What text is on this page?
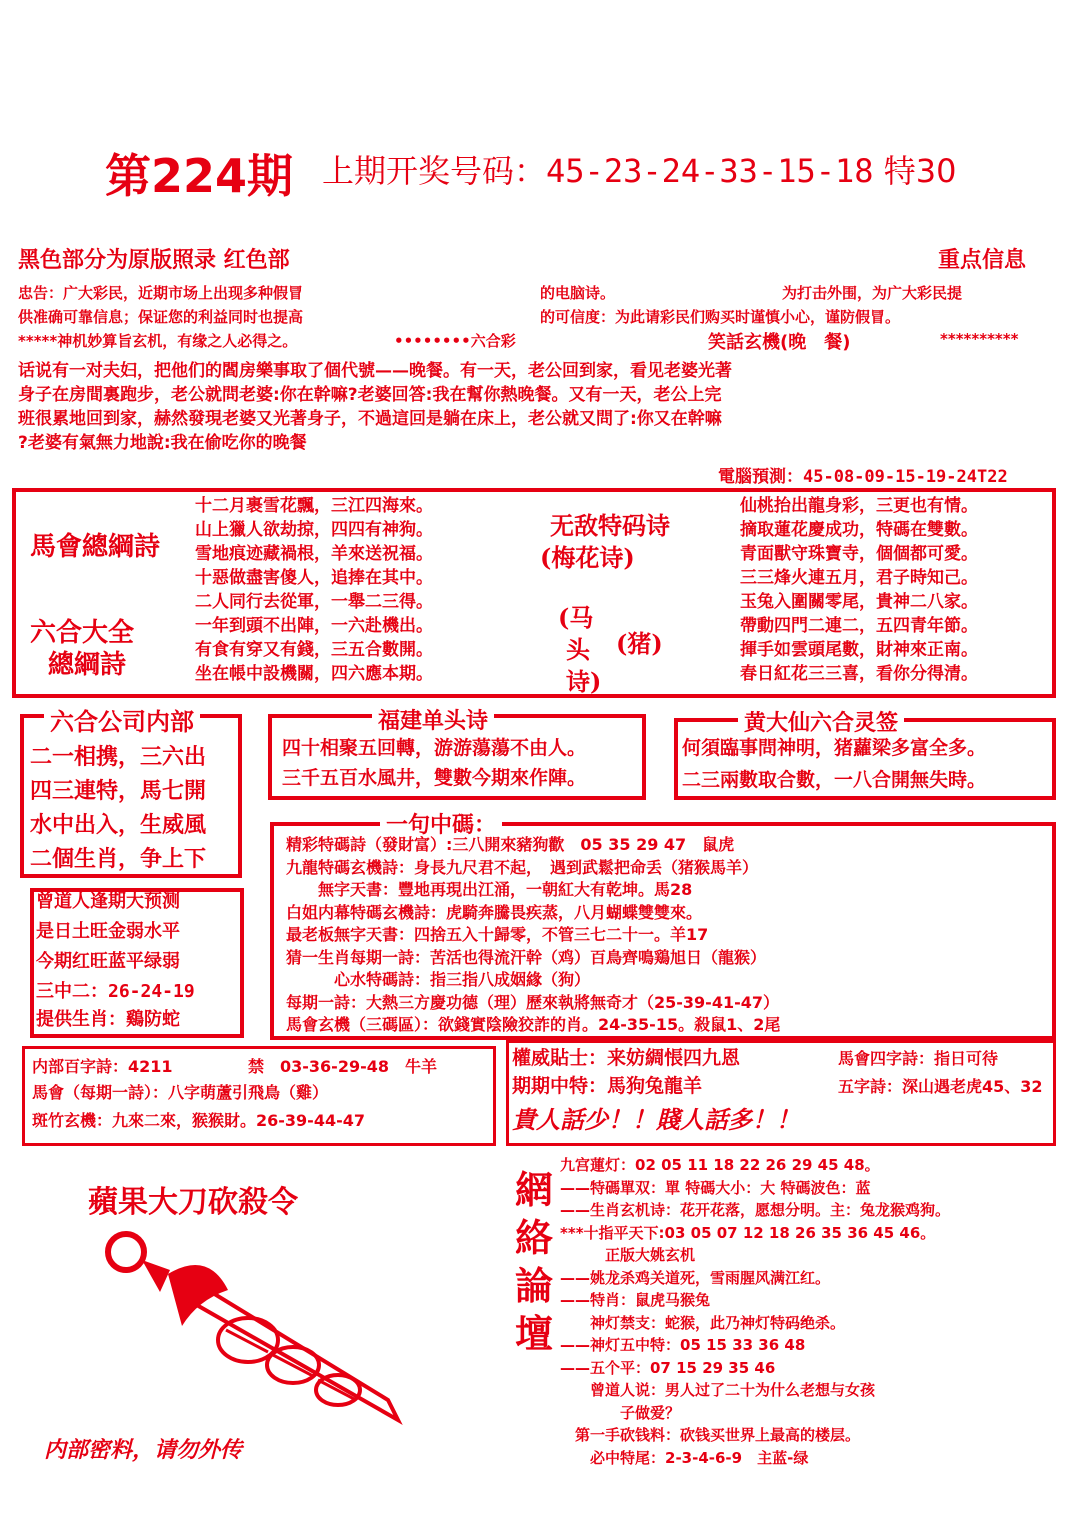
第224期 上期开奖号码：45-23-24-33-15-18 特30
黑色部分为原版照录 红色部	重点信息
忠告：广大彩民，近期市场上出现多种假冒	的电脑诗。	为打击外围，为广大彩民提
供准确可靠信息；保证您的利益同时也提高	的可信度：为此请彩民们购买时谨慎小心，谨防假冒。
*****神机妙算旨玄机，有缘之人必得之。	••••••••六合彩	笑話玄機(晚　餐)	**********
话说有一对夫妇，把他们的閻房樂事取了個代號——晚餐。有一天，老公回到家，看见老婆光著
身子在房間裏跑步，老公就問老婆:你在幹嘛?老婆回答:我在幫你熱晚餐。又有一天，老公上完
班很累地回到家，赫然發現老婆又光著身子，不過這回是躺在床上，老公就又問了:你又在幹嘛
?老婆有氣無力地說:我在偷吃你的晚餐
電腦預測：45-08-09-15-19-24T22
馬會總綱詩
六合大全
總綱詩
十二月裹雪花飄，三江四海來。
山上獵人欲劫掠，四四有神狗。
雪地痕迹藏禍根，羊來送祝福。
十惡做盡害傻人，追捧在其中。
二人同行去從軍，一舉二三得。
一年到頭不出陣，一六赴機出。
有食有穿又有錢，三五合數開。
坐在帳中設機關，四六應本期。
无敌特码诗
(梅花诗)
(马
头 (猪)
诗)
仙桃抬出龍身彩，三更也有情。
摘取蓮花慶成功，特碼在雙數。
青面獸守珠寶寺，個個都可愛。
三三烽火連五月，君子時知己。
玉兔入圍關零尾，貴神二八家。
帶動四門二連二，五四青年節。
揮手如雲頭尾數，財神來正南。
春日紅花三三喜，看你分得清。
六合公司内部
二一相携，三六出
四三連特，馬七開
水中出入，生威風
二個生肖，争上下
福建单头诗
四十相聚五回轉，游游蕩蕩不由人。
三千五百水風井，雙數今期來作陣。
黄大仙六合灵签
何須臨事問神明，猪蘿梁多富全多。
二三兩數取合數，一八合開無失時。
曾道人逢期大预测
是日土旺金弱水平
今期红旺蓝平绿弱
三中二：26-24-19
提供生肖：鷄防蛇
一句中碼：
精彩特碼詩（發財富）:三八開來豬狗歡　05 35 29 47　鼠虎
九龍特碼玄機詩：身長九尺君不起，　遇到武鬆把命丢（猪猴馬羊）
　　無字天書：豐地再現出江涌，一朝紅大有乾坤。馬28
白姐内幕特碼玄機詩：虎騎奔騰畏疾蒸，八月蝴蝶雙雙來。
最老板無字天書：四捨五入十歸零，不管三七二十一。羊17
猜一生肖每期一詩：苦活也得流汗幹（鸡）百鳥齊鳴鶏旭日（龍猴）
　　　心水特碼詩：指三指八成姻緣（狗）
每期一詩：大熱三方慶功德（理）歷來執將無奇才（25-39-41-47）
馬會玄機（三碼區）：欲錢實陰險狡詐的肖。24-35-15。殺鼠1、2尾
内部百字詩：4211	禁　03-36-29-48　牛羊
馬會（每期一詩）：八字萌蘆引飛鳥（雞）
斑竹玄機：九來二來，猴猴財。26-39-44-47
權威貼士：来妨綢悵四九恩	馬會四字詩：指日可待
期期中特：馬狗兔龍羊	五字詩：深山遇老虎45、32
貴人話少！！賤人話多！！
蘋果大刀砍殺令
内部密料，请勿外传
網
絡
論
壇
九宫蓮灯：02 05 11 18 22 26 29 45 48。
——特碼單双：單 特碼大小：大 特碼波色：蓝
——生肖玄机诗：花开花落，愿想分明。主：兔龙猴鸡狗。
***十指平天下:03 05 07 12 18 26 35 36 45 46。
　　　正版大姚玄机
——姚龙杀鸡关道死，雪雨腥风满江红。
——特肖：鼠虎马猴兔
　　神灯禁支：蛇猴，此乃神灯特码绝杀。
——神灯五中特：05 15 33 36 48
——五个平：07 15 29 35 46
　　曾道人说：男人过了二十为什么老想与女孩
　　　　子做爱？
　第一手砍钱料：砍钱买世界上最高的楼层。
　　必中特尾：2-3-4-6-9　主蓝-绿
